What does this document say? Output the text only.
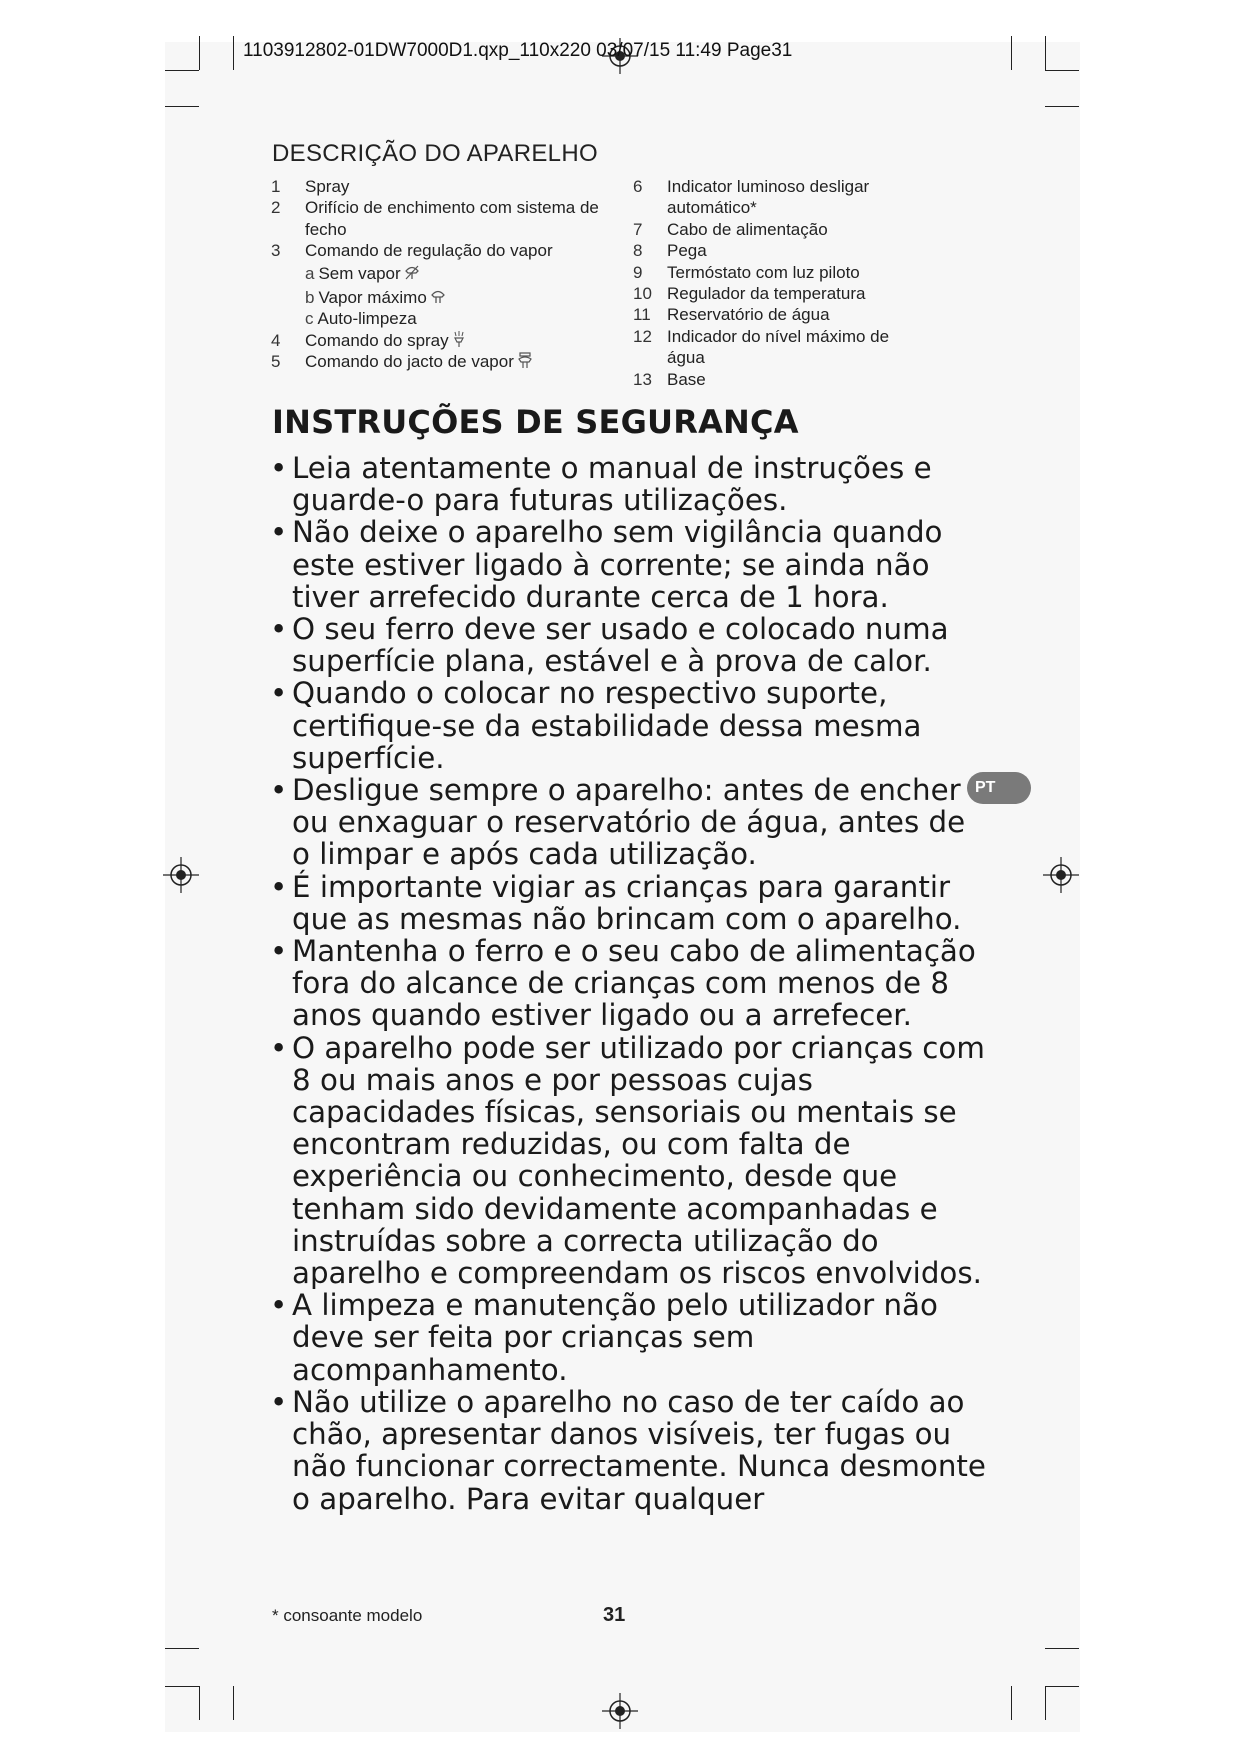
1103912802-01DW7000D1.qxp_110x220 03/07/15 11:49 Page31
DESCRIÇÃO DO APARELHO
1	Spray
2	Orifício de enchimento com sistema de fecho
3	Comando de regulação do vapor
a Sem vapor
b Vapor máximo
c Auto-limpeza
4	Comando do spray
5	Comando do jacto de vapor
6	Indicator luminoso desligar automático*
7	Cabo de alimentação
8	Pega
9	Termóstato com luz piloto
10 Regulador da temperatura
11 Reservatório de água
12 Indicador do nível máximo de água
13 Base
INSTRUÇÕES DE SEGURANÇA
• Leia atentamente o manual de instruções e guarde-o para futuras utilizações.
• Não deixe o aparelho sem vigilância quando este estiver ligado à corrente; se ainda não tiver arrefecido durante cerca de 1 hora.
• O seu ferro deve ser usado e colocado numa superfície plana, estável e à prova de calor.
• Quando o colocar no respectivo suporte, certifique-se da estabilidade dessa mesma superfície.
• Desligue sempre o aparelho: antes de encher ou enxaguar o reservatório de água, antes de o limpar e após cada utilização.
• É importante vigiar as crianças para garantir que as mesmas não brincam com o aparelho.
• Mantenha o ferro e o seu cabo de alimentação fora do alcance de crianças com menos de 8 anos quando estiver ligado ou a arrefecer.
• O aparelho pode ser utilizado por crianças com 8 ou mais anos e por pessoas cujas capacidades físicas, sensoriais ou mentais se encontram reduzidas, ou com falta de experiência ou conhecimento, desde que tenham sido devidamente acompanhadas e instruídas sobre a correcta utilização do aparelho e compreendam os riscos envolvidos.
• A limpeza e manutenção pelo utilizador não deve ser feita por crianças sem acompanhamento.
• Não utilize o aparelho no caso de ter caído ao chão, apresentar danos visíveis, ter fugas ou não funcionar correctamente. Nunca desmonte o aparelho. Para evitar qualquer
PT
* consoante modelo	31
